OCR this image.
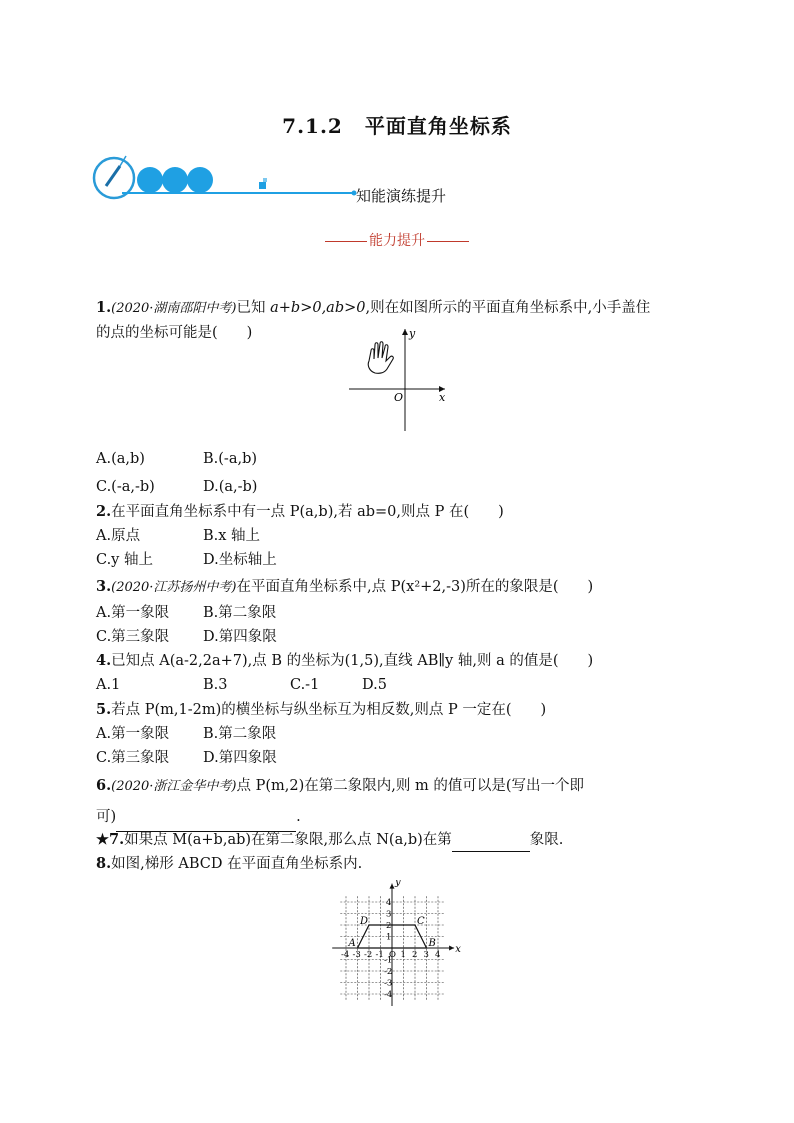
7.1.2 平面直角坐标系
知能演练提升
能力提升
1.(2020·湖南邵阳中考)已知 a+b>0,ab>0,则在如图所示的平面直角坐标系中,小手盖住
的点的坐标可能是(　　)	y
x
O
A.(a,b)	B.(-a,b)
C.(-a,-b)	D.(a,-b)
2.在平面直角坐标系中有一点 P(a,b),若 ab=0,则点 P 在(　　)
A.原点	B.x 轴上
C.y 轴上	D.坐标轴上
3.(2020·江苏扬州中考)在平面直角坐标系中,点 P(x²+2,-3)所在的象限是(　　)
A.第一象限 B.第二象限
C.第三象限 D.第四象限
4.已知点 A(a-2,2a+7),点 B 的坐标为(1,5),直线 AB∥y 轴,则 a 的值是(　　)
A.1	B.3	C.-1	D.5
5.若点 P(m,1-2m)的横坐标与纵坐标互为相反数,则点 P 一定在(　　)
A.第一象限 B.第二象限
C.第三象限 D.第四象限
6.(2020·浙江金华中考)点 P(m,2)在第二象限内,则 m 的值可以是(写出一个即
可)	.
★7.如果点 M(a+b,ab)在第二象限,那么点 N(a,b)在第	象限.
8.如图,梯形 ABCD 在平面直角坐标系内.
x
y
-4 -3 -2 -1 O 1 2 3 4
4
3
2
1
-1
-2
-3
-4
A	B
C
D
